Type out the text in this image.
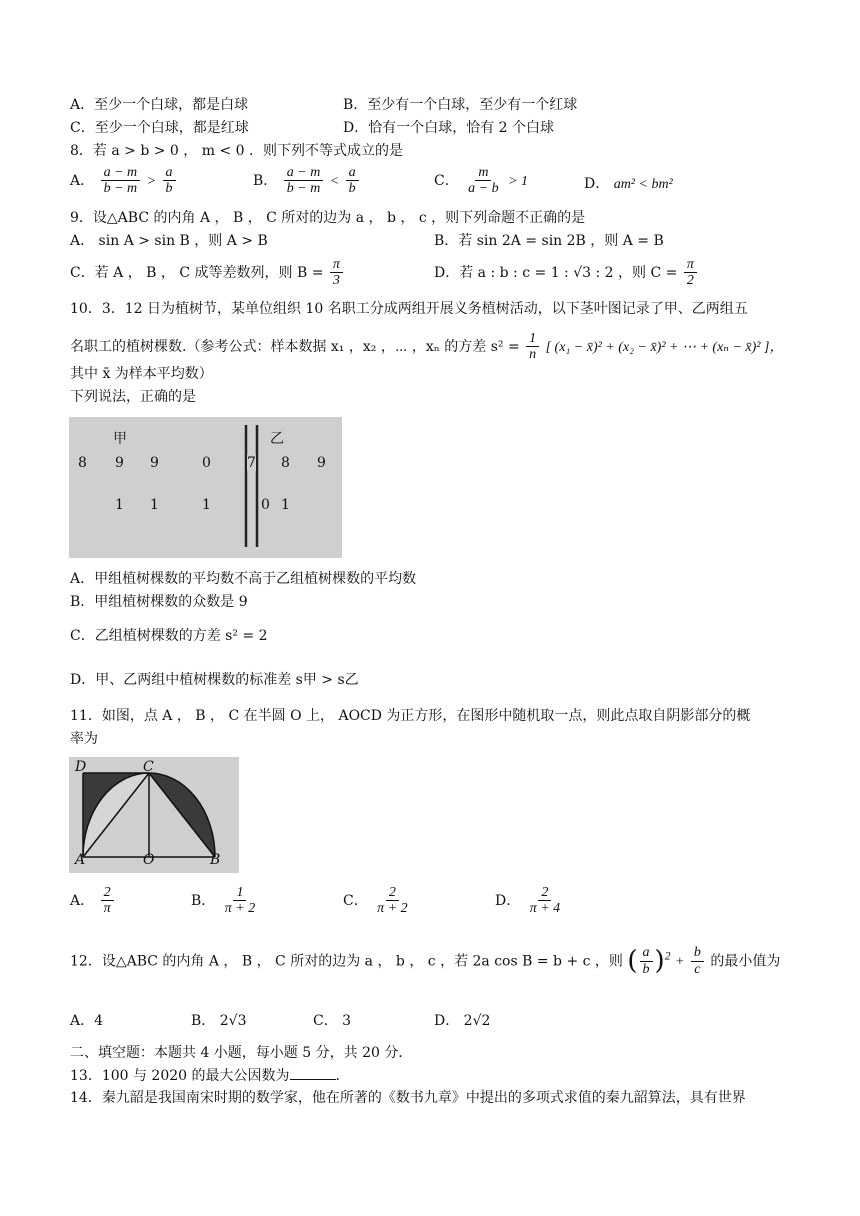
A．至少一个白球，都是白球	B．至少有一个白球，至少有一个红球
C．至少一个白球，都是红球	D．恰有一个白球，恰有 2 个白球
8．若 a > b > 0 ， m < 0 ．则下列不等式成立的是
A． $\frac{a - m}{b - m} > \frac{a}{b}$	B． $\frac{a - m}{b - m} < \frac{a}{b}$	C． $\frac{m}{a - b} > 1$	D． am² < bm²
9．设△ABC 的内角 A ， B ， C 所对的边为 a ， b ， c ，则下列命题不正确的是
A． sin A > sin B ，则 A > B	B．若 sin 2A = sin 2B ，则 A = B
C．若 A ， B ， C 成等差数列，则 $B = \frac{\pi}{3}$	D．若 a : b : c = 1 : √3 : 2 ，则 $C = \frac{\pi}{2}$
10．3．12 日为植树节，某单位组织 10 名职工分成两组开展义务植树活动，以下茎叶图记录了甲、乙两组五
名职工的植树棵数.（参考公式：样本数据 x₁ ，x₂ ，⋯ ，xₙ 的方差 $s^2 = \frac{1}{n}$ [ (x₁ − x̄)² + (x₂ − x̄)² + ⋯ + (xₙ − x̄)² ]，
其中 x̄ 为样本平均数）
下列说法，正确的是
甲	乙
8 9 9	0	7 8 9
1 1	1	0 1
A．甲组植树棵数的平均数不高于乙组植树棵数的平均数
B．甲组植树棵数的众数是 9
C．乙组植树棵数的方差 s² = 2
D．甲、乙两组中植树棵数的标准差 s甲 > s乙
11．如图，点 A ， B ， C 在半圆 O 上， AOCD 为正方形，在图形中随机取一点，则此点取自阴影部分的概
率为
D	C
A	O	B
A． $\frac{2}{\pi}$	B． $\frac{1}{\pi + 2}$	C． $\frac{2}{\pi + 2}$	D． $\frac{2}{\pi + 4}$
12．设△ABC 的内角 A ， B ， C 所对的边为 a ， b ， c ，若 2a cos B = b + c ，则 ( $\frac{a}{b} )^2 + \frac{b}{c}$ 的最小值为
A．4	B． 2√3	C． 3	D． 2√2
二、填空题：本题共 4 小题，每小题 5 分，共 20 分．
13．100 与 2020 的最大公因数为	．
14．秦九韶是我国南宋时期的数学家，他在所著的《数书九章》中提出的多项式求值的秦九韶算法，具有世界
